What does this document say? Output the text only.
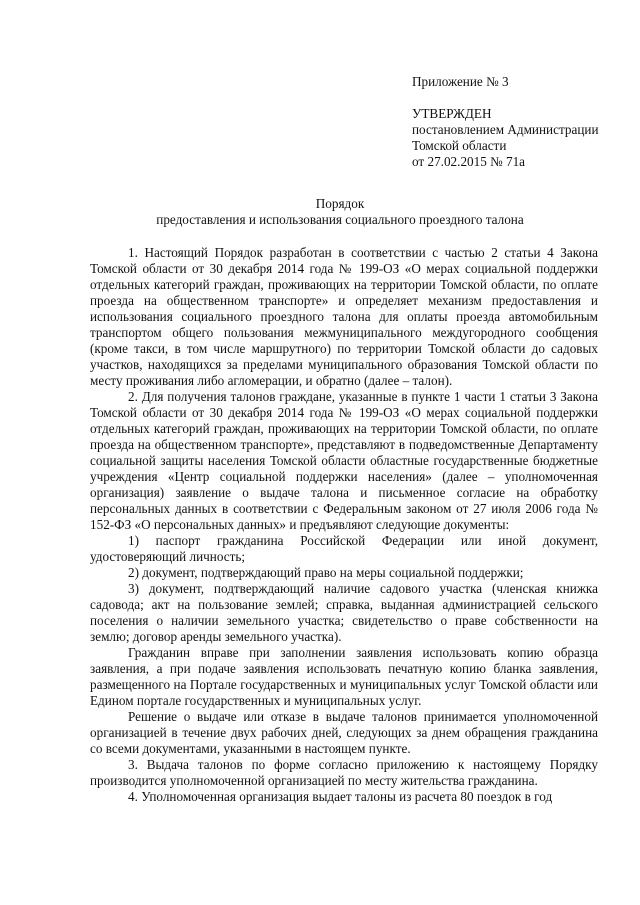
Приложение № 3
УТВЕРЖДЕН
постановлением Администрации
Томской области
от 27.02.2015 № 71а
Порядок
предоставления и использования социального проездного талона

1. Настоящий Порядок разработан в соответствии с частью 2 статьи 4 Закона Томской области от 30 декабря 2014 года № 199-ОЗ «О мерах социальной поддержки отдельных категорий граждан, проживающих на территории Томской области, по оплате проезда на общественном транспорте» и определяет механизм предоставления и использования социального проездного талона для оплаты проезда автомобильным транспортом общего пользования межмуниципального междугородного сообщения (кроме такси, в том числе маршрутного) по территории Томской области до садовых участков, находящихся за пределами муниципального образования Томской области по месту проживания либо агломерации, и обратно (далее – талон).

2. Для получения талонов граждане, указанные в пункте 1 части 1 статьи 3 Закона Томской области от 30 декабря 2014 года № 199-ОЗ «О мерах социальной поддержки отдельных категорий граждан, проживающих на территории Томской области, по оплате проезда на общественном транспорте», представляют в подведомственные Департаменту социальной защиты населения Томской области областные государственные бюджетные учреждения «Центр социальной поддержки населения» (далее – уполномоченная организация) заявление о выдаче талона и письменное согласие на обработку персональных данных в соответствии с Федеральным законом от 27 июля 2006 года № 152-ФЗ «О персональных данных» и предъявляют следующие документы:

1) паспорт гражданина Российской Федерации или иной документ, удостоверяющий личность;

2) документ, подтверждающий право на меры социальной поддержки;

3) документ, подтверждающий наличие садового участка (членская книжка садовода; акт на пользование землей; справка, выданная администрацией сельского поселения о наличии земельного участка; свидетельство о праве собственности на землю; договор аренды земельного участка).

Гражданин вправе при заполнении заявления использовать копию образца заявления, а при подаче заявления использовать печатную копию бланка заявления, размещенного на Портале государственных и муниципальных услуг Томской области или Едином портале государственных и муниципальных услуг.

Решение о выдаче или отказе в выдаче талонов принимается уполномоченной организацией в течение двух рабочих дней, следующих за днем обращения гражданина со всеми документами, указанными в настоящем пункте.

3. Выдача талонов по форме согласно приложению к настоящему Порядку производится уполномоченной организацией по месту жительства гражданина.

4. Уполномоченная организация выдает талоны из расчета 80 поездок в год
